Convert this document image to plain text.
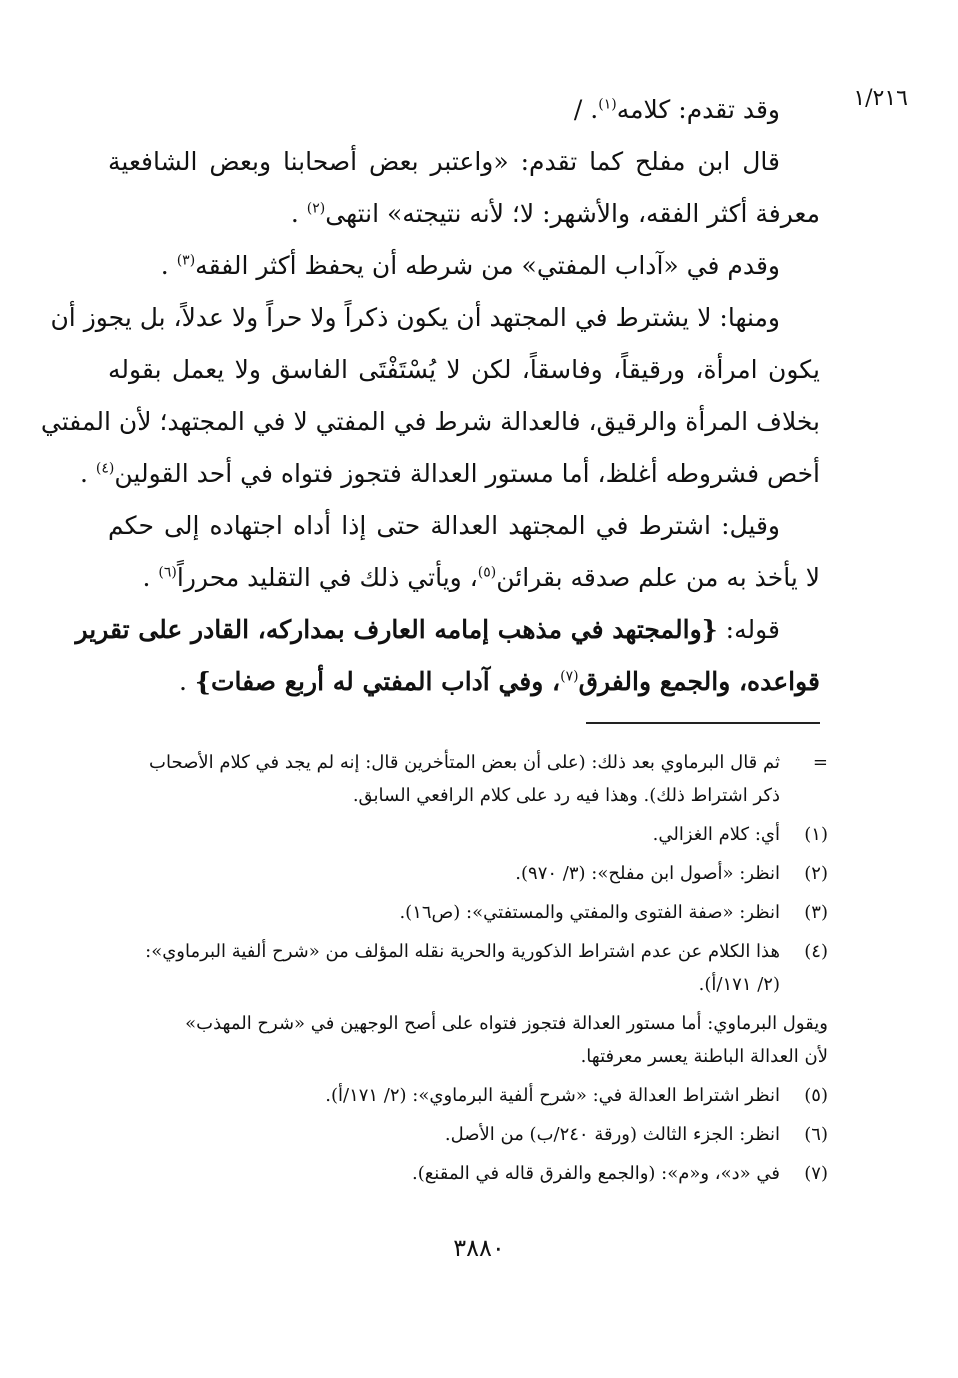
١/٢١٦
وقد تقدم: كلامه$^{(١)}$. /
قال ابن مفلح كما تقدم: «واعتبر بعض أصحابنا وبعض الشافعية
معرفة أكثر الفقه، والأشهر: لا؛ لأنه نتيجته» انتهى$^{(٢)}$ .
وقدم في «آداب المفتي» من شرطه أن يحفظ أكثر الفقه$^{(٣)}$ .
ومنها: لا يشترط في المجتهد أن يكون ذكراً ولا حراً ولا عدلاً، بل يجوز أن
يكون امرأة، ورقيقاً، وفاسقاً، لكن لا يُسْتَفْتَى الفاسق ولا يعمل بقوله
بخلاف المرأة والرقيق، فالعدالة شرط في المفتي لا في المجتهد؛ لأن المفتي
أخص فشروطه أغلظ، أما مستور العدالة فتجوز فتواه في أحد القولين$^{(٤)}$ .
وقيل: اشترط في المجتهد العدالة حتى إذا أداه اجتهاده إلى حكم
لا يأخذ به من علم صدقه بقرائن$^{(٥)}$، ويأتي ذلك في التقليد محرراً$^{(٦)}$ .
قوله: {والمجتهد في مذهب إمامه العارف بمداركه، القادر على تقرير
قواعده، والجمع والفرق$^{(٧)}$، وفي آداب المفتي له أربع صفات} .
=
ثم قال البرماوي بعد ذلك: (على أن بعض المتأخرين قال: إنه لم يجد في كلام الأصحاب
ذكر اشتراط ذلك). وهذا فيه رد على كلام الرافعي السابق.
(١)
أي: كلام الغزالي.
(٢)
انظر: «أصول ابن مفلح»: (٣/ ٩٧٠).
(٣)
انظر: «صفة الفتوى والمفتي والمستفتي»: (ص١٦).
(٤)
هذا الكلام عن عدم اشتراط الذكورية والحرية نقله المؤلف من «شرح ألفية البرماوي»:
(٢/ ١٧١/أ).
ويقول البرماوي: أما مستور العدالة فتجوز فتواه على أصح الوجهين في «شرح المهذب»
لأن العدالة الباطنة يعسر معرفتها.
(٥)
انظر اشتراط العدالة في: «شرح ألفية البرماوي»: (٢/ ١٧١/أ).
(٦)
انظر: الجزء الثالث (ورقة ٢٤٠/ب) من الأصل.
(٧)
في «د»، و«م»: (والجمع والفرق قاله في المقنع).
٣٨٨٠
